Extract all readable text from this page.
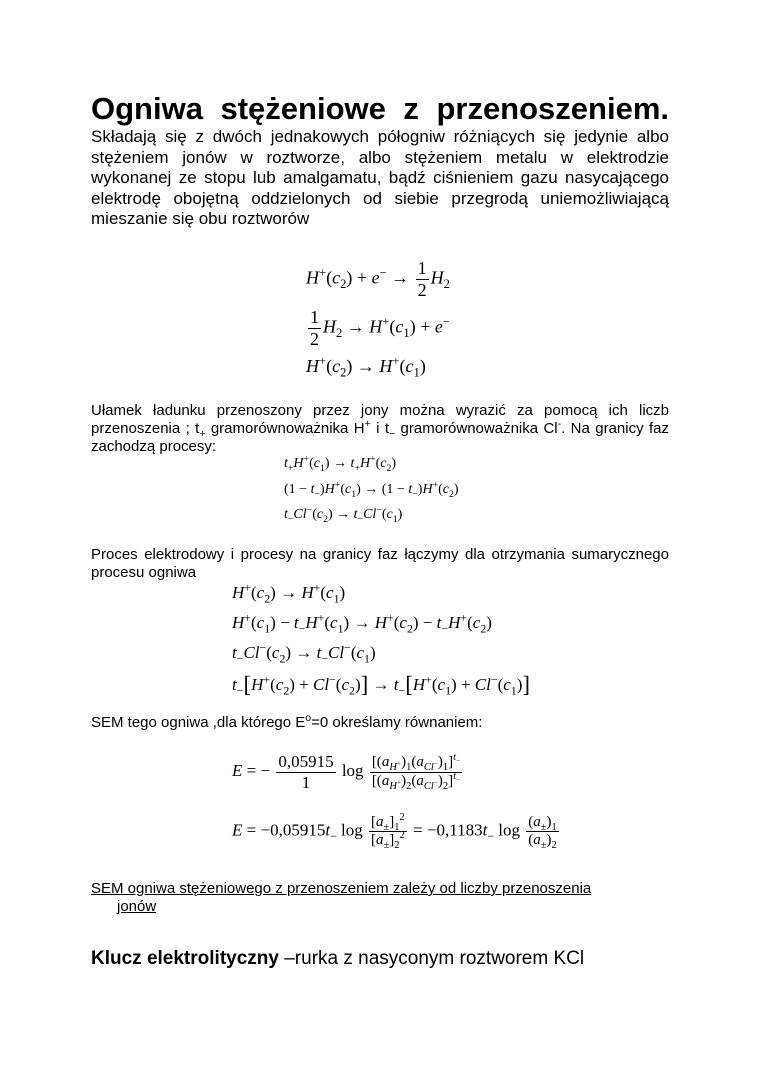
Ogniwa stężeniowe z przenoszeniem.

Składają się z dwóch jednakowych półogniw różniących się jedynie albo stężeniem jonów w roztworze, albo stężeniem metalu w elektrodzie wykonanej ze stopu lub amalgamatu, bądź ciśnieniem gazu nasycającego elektrodę obojętną oddzielonych od siebie przegrodą uniemożliwiającą mieszanie się obu roztworów

$H^+(c_2) + e^- \to \frac{1}{2} H_2$
$\frac{1}{2} H_2 \to H^+(c_1) + e^-$
$H^+(c_2) \to H^+(c_1)$

Ułamek ładunku przenoszony przez jony można wyrazić za pomocą ich liczb przenoszenia ; $t_+$ gramorównoważnika H+ i $t_-$ gramorównoważnika Cl-. Na granicy faz zachodzą procesy:

$t_+H^+(c_1) \to t_+H^+(c_2)$
$(1 - t_-)H^+(c_1) \to (1 - t_-)H^+(c_2)$
$t_-Cl^-(c_2) \to t_-Cl^-(c_1)$

Proces elektrodowy i procesy na granicy faz łączymy dla otrzymania sumarycznego procesu ogniwa

$H^+(c_2) \to H^+(c_1)$
$H^+(c_1) - t_-H^+(c_1) \to H^+(c_2) - t_-H^+(c_2)$
$t_-Cl^-(c_2) \to t_-Cl^-(c_1)$
$t_-[H^+(c_2) + Cl^-(c_2)] \to t_-[H^+(c_1) + Cl^-(c_1)]$

SEM tego ogniwa ,dla którego $E^o=0$ określamy równaniem:

E = − $\frac{0,05915}{1}$ $\log \frac{[(a_{H^+})_1(a_{Cl^-})_1]^{t_-}}{[(a_{H^+})_2(a_{Cl^-})_2]^{t_-}}$
$E = -0,05915t_-$ $\log \frac{[a_\pm]_1^2}{[a_\pm]_2^2} = -0,1183t_-$ $\log \frac{(a_\pm)_1}{(a_\pm)_2}$

SEM ogniwa stężeniowego z przenoszeniem zależy od liczby przenoszenia
jonów

Klucz elektrolityczny –rurka z nasyconym roztworem KCl
